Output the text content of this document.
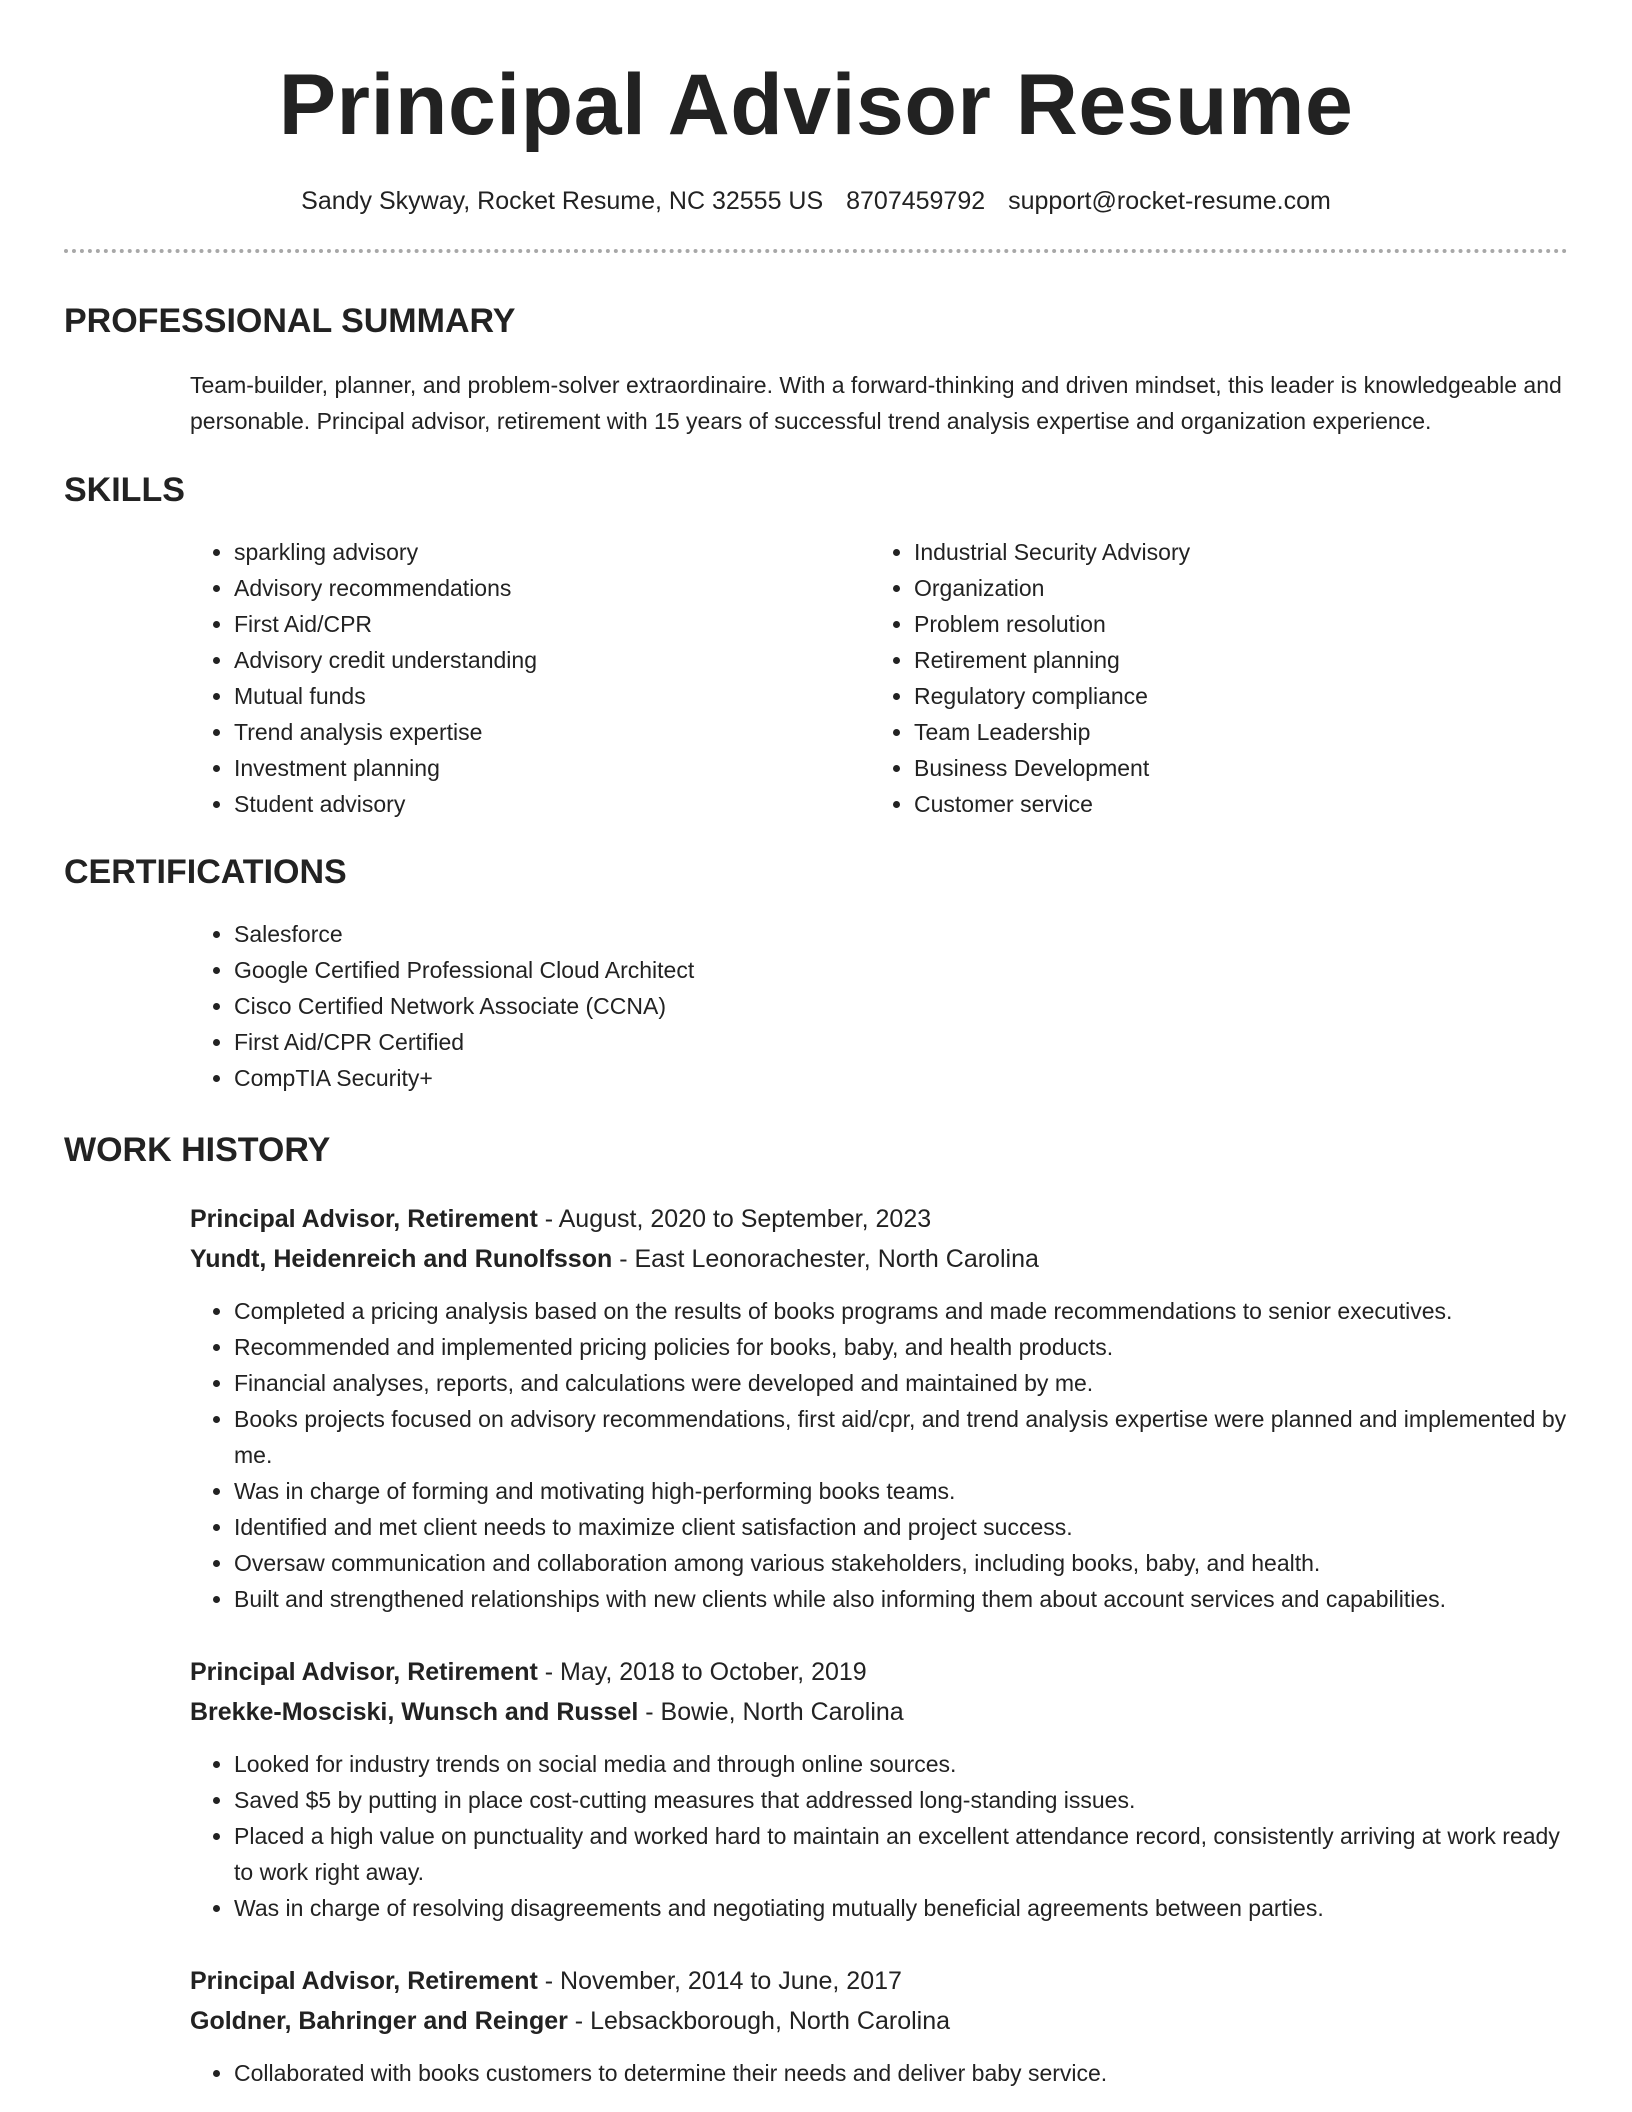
Principal Advisor Resume
Sandy Skyway, Rocket Resume, NC 32555 US 8707459792 support@rocket-resume.com
PROFESSIONAL SUMMARY
Team-builder, planner, and problem-solver extraordinaire. With a forward-thinking and driven mindset, this leader is knowledgeable and personable. Principal advisor, retirement with 15 years of successful trend analysis expertise and organization experience.
SKILLS
• sparkling advisory
• Advisory recommendations
• First Aid/CPR
• Advisory credit understanding
• Mutual funds
• Trend analysis expertise
• Investment planning
• Student advisory
• Industrial Security Advisory
• Organization
• Problem resolution
• Retirement planning
• Regulatory compliance
• Team Leadership
• Business Development
• Customer service
CERTIFICATIONS
• Salesforce
• Google Certified Professional Cloud Architect
• Cisco Certified Network Associate (CCNA)
• First Aid/CPR Certified
• CompTIA Security+
WORK HISTORY
Principal Advisor, Retirement - August, 2020 to September, 2023
Yundt, Heidenreich and Runolfsson - East Leonorachester, North Carolina
• Completed a pricing analysis based on the results of books programs and made recommendations to senior executives.
• Recommended and implemented pricing policies for books, baby, and health products.
• Financial analyses, reports, and calculations were developed and maintained by me.
• Books projects focused on advisory recommendations, first aid/cpr, and trend analysis expertise were planned and implemented by me.
• Was in charge of forming and motivating high-performing books teams.
• Identified and met client needs to maximize client satisfaction and project success.
• Oversaw communication and collaboration among various stakeholders, including books, baby, and health.
• Built and strengthened relationships with new clients while also informing them about account services and capabilities.
Principal Advisor, Retirement - May, 2018 to October, 2019
Brekke-Mosciski, Wunsch and Russel - Bowie, North Carolina
• Looked for industry trends on social media and through online sources.
• Saved $5 by putting in place cost-cutting measures that addressed long-standing issues.
• Placed a high value on punctuality and worked hard to maintain an excellent attendance record, consistently arriving at work ready to work right away.
• Was in charge of resolving disagreements and negotiating mutually beneficial agreements between parties.
Principal Advisor, Retirement - November, 2014 to June, 2017
Goldner, Bahringer and Reinger - Lebsackborough, North Carolina
• Collaborated with books customers to determine their needs and deliver baby service.
